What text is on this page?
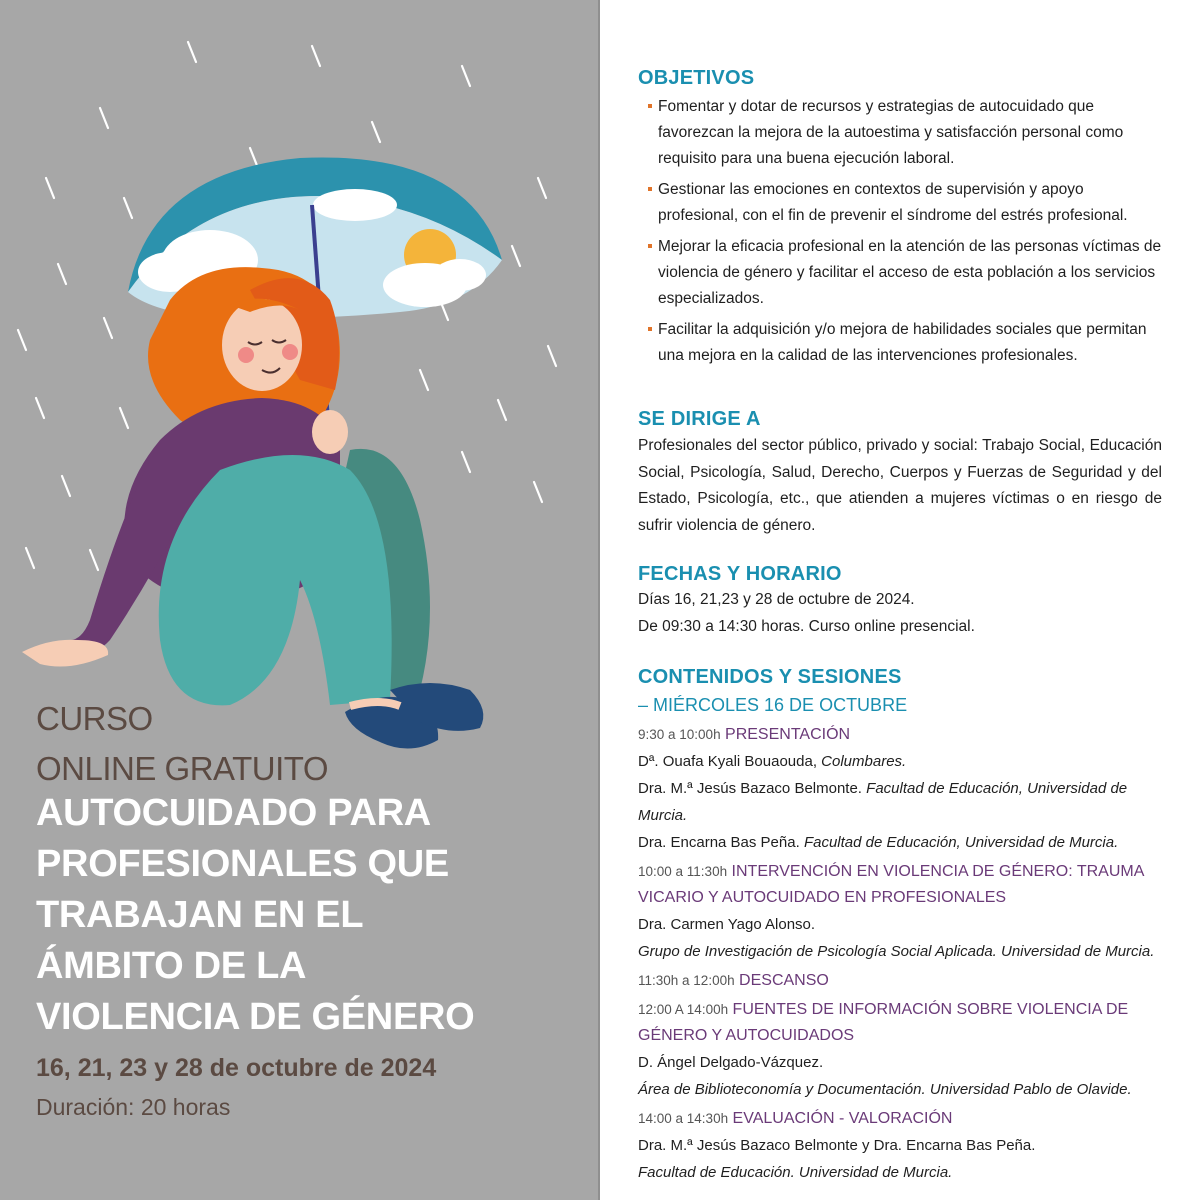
CURSO
ONLINE GRATUITO
AUTOCUIDADO PARA
PROFESIONALES QUE
TRABAJAN EN EL
ÁMBITO DE LA
VIOLENCIA DE GÉNERO
16, 21, 23 y 28 de octubre de 2024
Duración: 20 horas
OBJETIVOS
Fomentar y dotar de recursos y estrategias de autocuidado que favorezcan la mejora de la autoestima y satisfacción personal como requisito para una buena ejecución laboral.
Gestionar las emociones en contextos de supervisión y apoyo profesional, con el fin de prevenir el síndrome del estrés profesional.
Mejorar la eficacia profesional en la atención de las personas víctimas de violencia de género y facilitar el acceso de esta población a los servicios especializados.
Facilitar la adquisición y/o mejora de habilidades sociales que permitan una mejora en la calidad de las intervenciones profesionales.
SE DIRIGE A

Profesionales del sector público, privado y social: Trabajo Social, Educación Social, Psicología, Salud, Derecho, Cuerpos y Fuerzas de Seguridad y del Estado, Psicología, etc., que atienden a mujeres víctimas o en riesgo de sufrir violencia de género.

FECHAS Y HORARIO
Días 16, 21,23 y 28 de octubre de 2024.
De 09:30 a 14:30 horas. Curso online presencial.
CONTENIDOS Y SESIONES
– MIÉRCOLES 16 DE OCTUBRE
9:30 a 10:00h PRESENTACIÓN
Dª. Ouafa Kyali Bouaouda, Columbares.
Dra. M.ª Jesús Bazaco Belmonte. Facultad de Educación, Universidad de Murcia.
Dra. Encarna Bas Peña. Facultad de Educación, Universidad de Murcia.
10:00 a 11:30h INTERVENCIÓN EN VIOLENCIA DE GÉNERO: TRAUMA VICARIO Y AUTOCUIDADO EN PROFESIONALES
Dra. Carmen Yago Alonso.
Grupo de Investigación de Psicología Social Aplicada. Universidad de Murcia.
11:30h a 12:00h DESCANSO
12:00 A 14:00h FUENTES DE INFORMACIÓN SOBRE VIOLENCIA DE GÉNERO Y AUTOCUIDADOS
D. Ángel Delgado-Vázquez.
Área de Biblioteconomía y Documentación. Universidad Pablo de Olavide.
14:00 a 14:30h EVALUACIÓN - VALORACIÓN
Dra. M.ª Jesús Bazaco Belmonte y Dra. Encarna Bas Peña.
Facultad de Educación. Universidad de Murcia.
